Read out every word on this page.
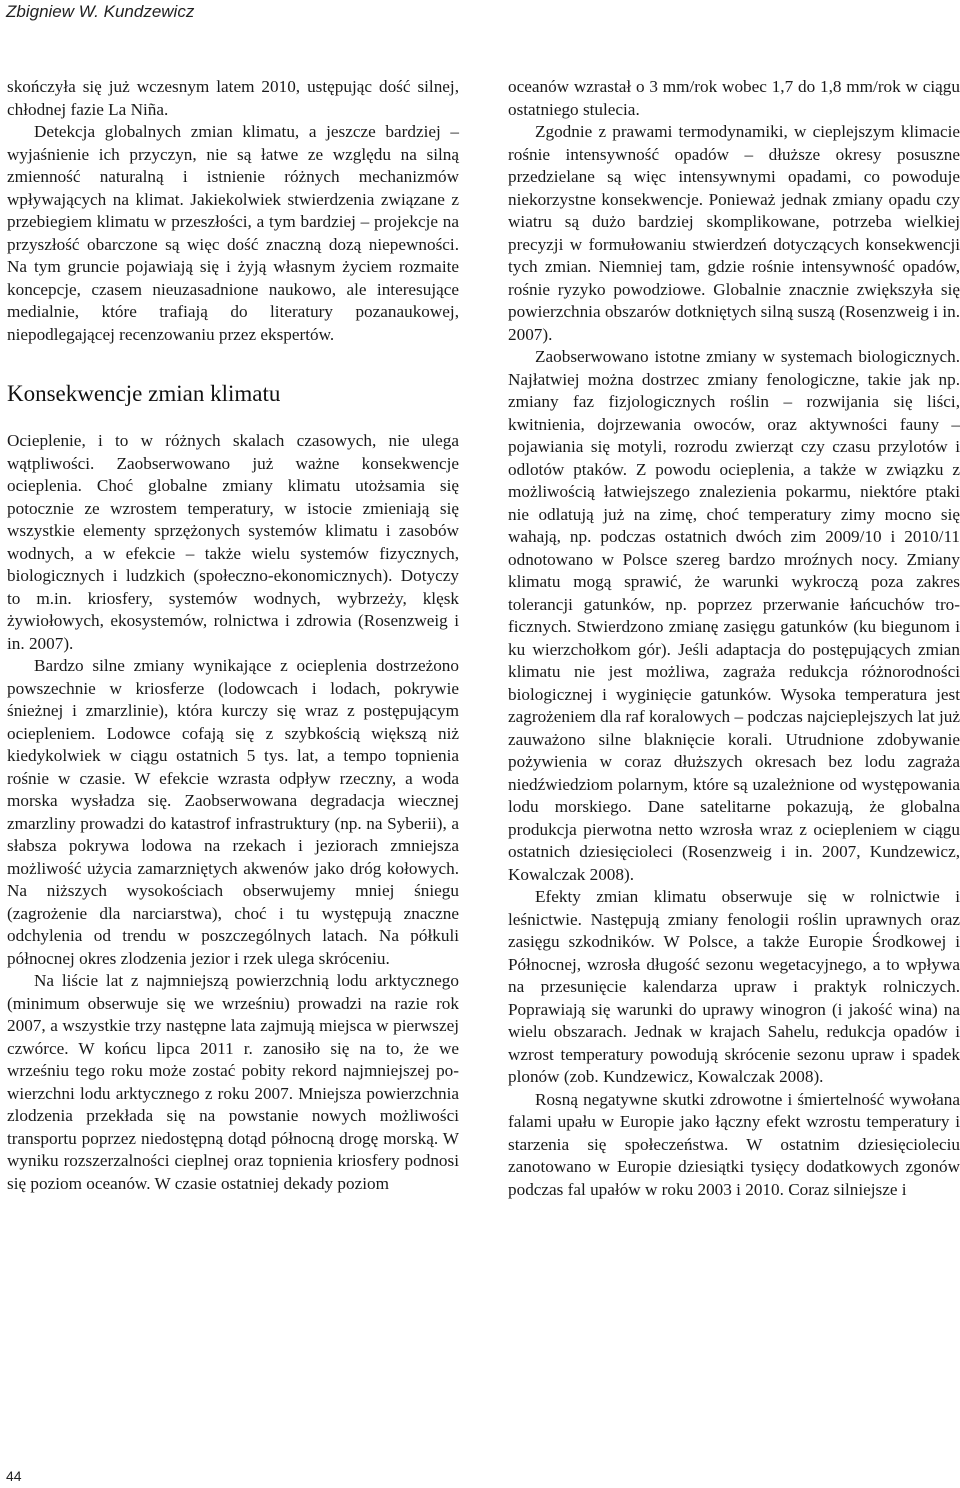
Zbigniew W. Kundzewicz

skończyła się już wczesnym latem 2010, ustępując dość silnej, chłodnej fazie La Niña.

Detekcja globalnych zmian klimatu, a jeszcze bardziej – wyjaśnienie ich przyczyn, nie są łatwe ze względu na silną zmienność naturalną i istnienie różnych mechanizmów wpływających na klimat. Jakiekolwiek stwierdzenia związane z przebiegiem klimatu w przeszłości, a tym bardziej – projekcje na przyszłość obarczone są więc dość znaczną dozą niepewności. Na tym gruncie pojawiają się i żyją własnym życiem rozmaite koncepcje, czasem nieuzasadnione naukowo, ale interesujące medialnie, które trafiają do literatury pozanaukowej, niepodlegającej recenzowaniu przez ekspertów.

Konsekwencje zmian klimatu

Ocieplenie, i to w różnych skalach czasowych, nie ulega wątpliwości. Zaobserwowano już ważne konsekwencje ocieplenia. Choć globalne zmiany klimatu utożsamia się potocznie ze wzrostem temperatury, w istocie zmieniają się wszystkie elementy sprzężonych systemów klimatu i zasobów wodnych, a w efekcie – także wielu systemów fizycznych, biologicznych i ludzkich (społeczno-ekonomicznych). Dotyczy to m.in. kriosfery, systemów wodnych, wybrzeży, klęsk żywiołowych, ekosystemów, rolnictwa i zdrowia (Rosenzweig i in. 2007).

Bardzo silne zmiany wynikające z ocieplenia dostrzeżono powszechnie w kriosferze (lodowcach i lodach, pokrywie śnieżnej i zmarzlinie), która kurczy się wraz z postępującym ociepleniem. Lodowce cofają się z szybkością większą niż kiedykolwiek w ciągu ostatnich 5 tys. lat, a tempo topnienia rośnie w czasie. W efekcie wzrasta odpływ rzeczny, a woda morska wysładza się. Zaobserwowana degradacja wiecznej zmarzliny prowadzi do katastrof infrastruktury (np. na Syberii), a słabsza pokrywa lodowa na rzekach i jeziorach zmniejsza możliwość użycia zamarzniętych akwenów jako dróg kołowych. Na niższych wysokościach obserwujemy mniej śniegu (zagrożenie dla narciarstwa), choć i tu występują znaczne odchylenia od trendu w poszczególnych latach. Na półkuli północnej okres zlodzenia jezior i rzek ulega skróceniu.

Na liście lat z najmniejszą powierzchnią lodu arktycznego (minimum obserwuje się we wrześniu) prowadzi na razie rok 2007, a wszystkie trzy następne lata zajmują miejsca w pierwszej czwórce. W końcu lipca 2011 r. zanosiło się na to, że we wrześniu tego roku może zostać pobity rekord najmniejszej powierzchni lodu arktycznego z roku 2007. Mniejsza powierzchnia zlodzenia przekłada się na powstanie nowych możliwości transportu poprzez niedostępną dotąd północną drogę morską. W wyniku rozszerzalności cieplnej oraz topnienia kriosfery podnosi się poziom oceanów. W czasie ostatniej dekady poziom

oceanów wzrastał o 3 mm/rok wobec 1,7 do 1,8 mm/rok w ciągu ostatniego stulecia.

Zgodnie z prawami termodynamiki, w cieplejszym klimacie rośnie intensywność opadów – dłuższe okresy posuszne przedzielane są więc intensywnymi opadami, co powoduje niekorzystne konsekwencje. Ponieważ jednak zmiany opadu czy wiatru są dużo bardziej skomplikowane, potrzeba wielkiej precyzji w formułowaniu stwierdzeń dotyczących konsekwencji tych zmian. Niemniej tam, gdzie rośnie intensywność opadów, rośnie ryzyko powodziowe. Globalnie znacznie zwiększyła się powierzchnia obszarów dotkniętych silną suszą (Rosenzweig i in. 2007).

Zaobserwowano istotne zmiany w systemach biologicznych. Najłatwiej można dostrzec zmiany fenologiczne, takie jak np. zmiany faz fizjologicznych roślin – rozwijania się liści, kwitnienia, dojrzewania owoców, oraz aktywności fauny – pojawiania się motyli, rozrodu zwierząt czy czasu przylotów i odlotów ptaków. Z powodu ocieplenia, a także w związku z możliwością łatwiejszego znalezienia pokarmu, niektóre ptaki nie odlatują już na zimę, choć temperatury zimy mocno się wahają, np. podczas ostatnich dwóch zim 2009/10 i 2010/11 odnotowano w Polsce szereg bardzo mroźnych nocy. Zmiany klimatu mogą sprawić, że warunki wykroczą poza zakres tolerancji gatunków, np. poprzez przerwanie łańcuchów troficznych. Stwierdzono zmianę zasięgu gatunków (ku biegunom i ku wierzchołkom gór). Jeśli adaptacja do postępujących zmian klimatu nie jest możliwa, zagraża redukcja różnorodności biologicznej i wyginięcie gatunków. Wysoka temperatura jest zagrożeniem dla raf koralowych – podczas najcieplejszych lat już zauważono silne blaknięcie korali. Utrudnione zdobywanie pożywienia w coraz dłuższych okresach bez lodu zagraża niedźwiedziom polarnym, które są uzależnione od występowania lodu morskiego. Dane satelitarne pokazują, że globalna produkcja pierwotna netto wzrosła wraz z ociepleniem w ciągu ostatnich dziesięcioleci (Rosenzweig i in. 2007, Kundzewicz, Kowalczak 2008).

Efekty zmian klimatu obserwuje się w rolnictwie i leśnictwie. Następują zmiany fenologii roślin uprawnych oraz zasięgu szkodników. W Polsce, a także Europie Środkowej i Północnej, wzrosła długość sezonu wegetacyjnego, a to wpływa na przesunięcie kalendarza upraw i praktyk rolniczych. Poprawiają się warunki do uprawy winogron (i jakość wina) na wielu obszarach. Jednak w krajach Sahelu, redukcja opadów i wzrost temperatury powodują skrócenie sezonu upraw i spadek plonów (zob. Kundzewicz, Kowalczak 2008).

Rosną negatywne skutki zdrowotne i śmiertelność wywołana falami upału w Europie jako łączny efekt wzrostu temperatury i starzenia się społeczeństwa. W ostatnim dziesięcioleciu zanotowano w Europie dziesiątki tysięcy dodatkowych zgonów podczas fal upałów w roku 2003 i 2010. Coraz silniejsze i

44
